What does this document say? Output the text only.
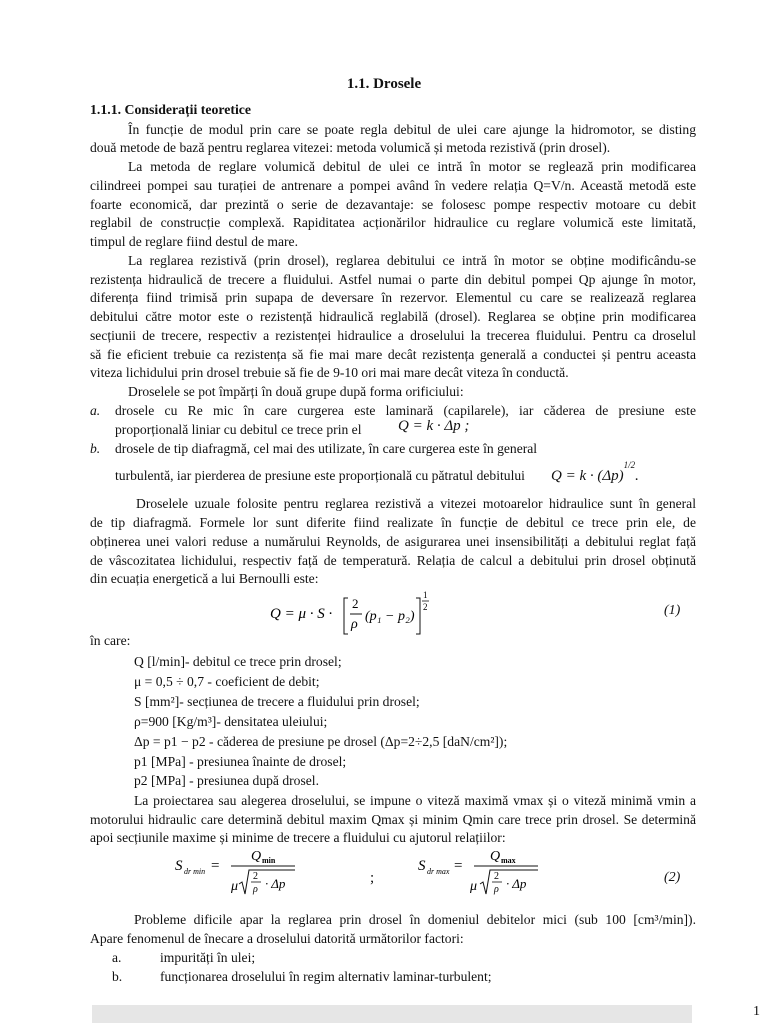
1.1. Drosele
1.1.1. Considerații teoretice
În funcție de modul prin care se poate regla debitul de ulei care ajunge la hidromotor, se disting
două metode de bază pentru reglarea vitezei: metoda volumică și metoda rezistivă (prin drosel).
La metoda de reglare volumică debitul de ulei ce intră în motor se reglează prin modificarea
cilindreei pompei sau turației de antrenare a pompei având în vedere relația Q=V/n. Această metodă este
foarte economică, dar prezintă o serie de dezavantaje: se folosesc pompe respectiv motoare cu debit
reglabil de construcție complexă. Rapiditatea acționărilor hidraulice cu reglare volumică este limitată,
timpul de reglare fiind destul de mare.
La reglarea rezistivă (prin drosel), reglarea debitului ce intră în motor se obține modificându-se
rezistența hidraulică de trecere a fluidului. Astfel numai o parte din debitul pompei Qp ajunge în motor,
diferența fiind trimisă prin supapa de deversare în rezervor. Elementul cu care se realizează reglarea
debitului către motor este o rezistență hidraulică reglabilă (drosel). Reglarea se obține prin modificarea
secțiunii de trecere, respectiv a rezistenței hidraulice a droselului la trecerea fluidului. Pentru ca droselul
să fie eficient trebuie ca rezistența să fie mai mare decât rezistența generală a conductei și pentru aceasta
viteza lichidului prin drosel trebuie să fie de 9-10 ori mai mare decât viteza în conductă.
Droselele se pot împărți în două grupe după forma orificiului:
a.	drosele cu Re mic în care curgerea este laminară (capilarele), iar căderea de presiune este
proporțională liniar cu debitul ce trece prin el	Q = k · Δp ;
b.	drosele de tip diafragmă, cel mai des utilizate, în care curgerea este în general
turbulentă, iar pierderea de presiune este proporțională cu pătratul debitului	$Q = k \cdot (\Delta p)^{1/2}$.
Droselele uzuale folosite pentru reglarea rezistivă a vitezei motoarelor hidraulice sunt în general
de tip diafragmă. Formele lor sunt diferite fiind realizate în funcție de debitul ce trece prin ele, de
obținerea unei valori reduse a numărului Reynolds, de asigurarea unei insensibilități a debitului reglat față
de vâscozitatea lichidului, respectiv față de temperatură. Relația de calcul a debitului prin drosel obținută
din ecuația energetică a lui Bernoulli este:
Q = μ · S ·
2
ρ
(p₁ − p₂)
1
2	(1)
în care:
Q [l/min]- debitul ce trece prin drosel;
μ = 0,5 ÷ 0,7 - coeficient de debit;
S [mm²]- secțiunea de trecere a fluidului prin drosel;
ρ=900 [Kg/m³]- densitatea uleiului;
Δp = p1 − p2 - căderea de presiune pe drosel (Δp=2÷2,5 [daN/cm²]);
p1 [MPa] - presiunea înainte de drosel;
p2 [MPa] - presiunea după drosel.
La proiectarea sau alegerea droselului, se impune o viteză maximă vmax și o viteză minimă vmin a
motorului hidraulic care determină debitul maxim Qmax și minim Qmin care trece prin drosel. Se determină
apoi secțiunile maxime și minime de trecere a fluidului cu ajutorul relațiilor:
S dr min =
Q min
μ
2
ρ · Δp	;
S dr max =
Q max
μ
2
ρ · Δp	(2)
Probleme dificile apar la reglarea prin drosel în domeniul debitelor mici (sub 100 [cm³/min]).
Apare fenomenul de înecare a droselului datorită următorilor factori:
a.	impurități în ulei;
b.	funcționarea droselului în regim alternativ laminar-turbulent;
1
